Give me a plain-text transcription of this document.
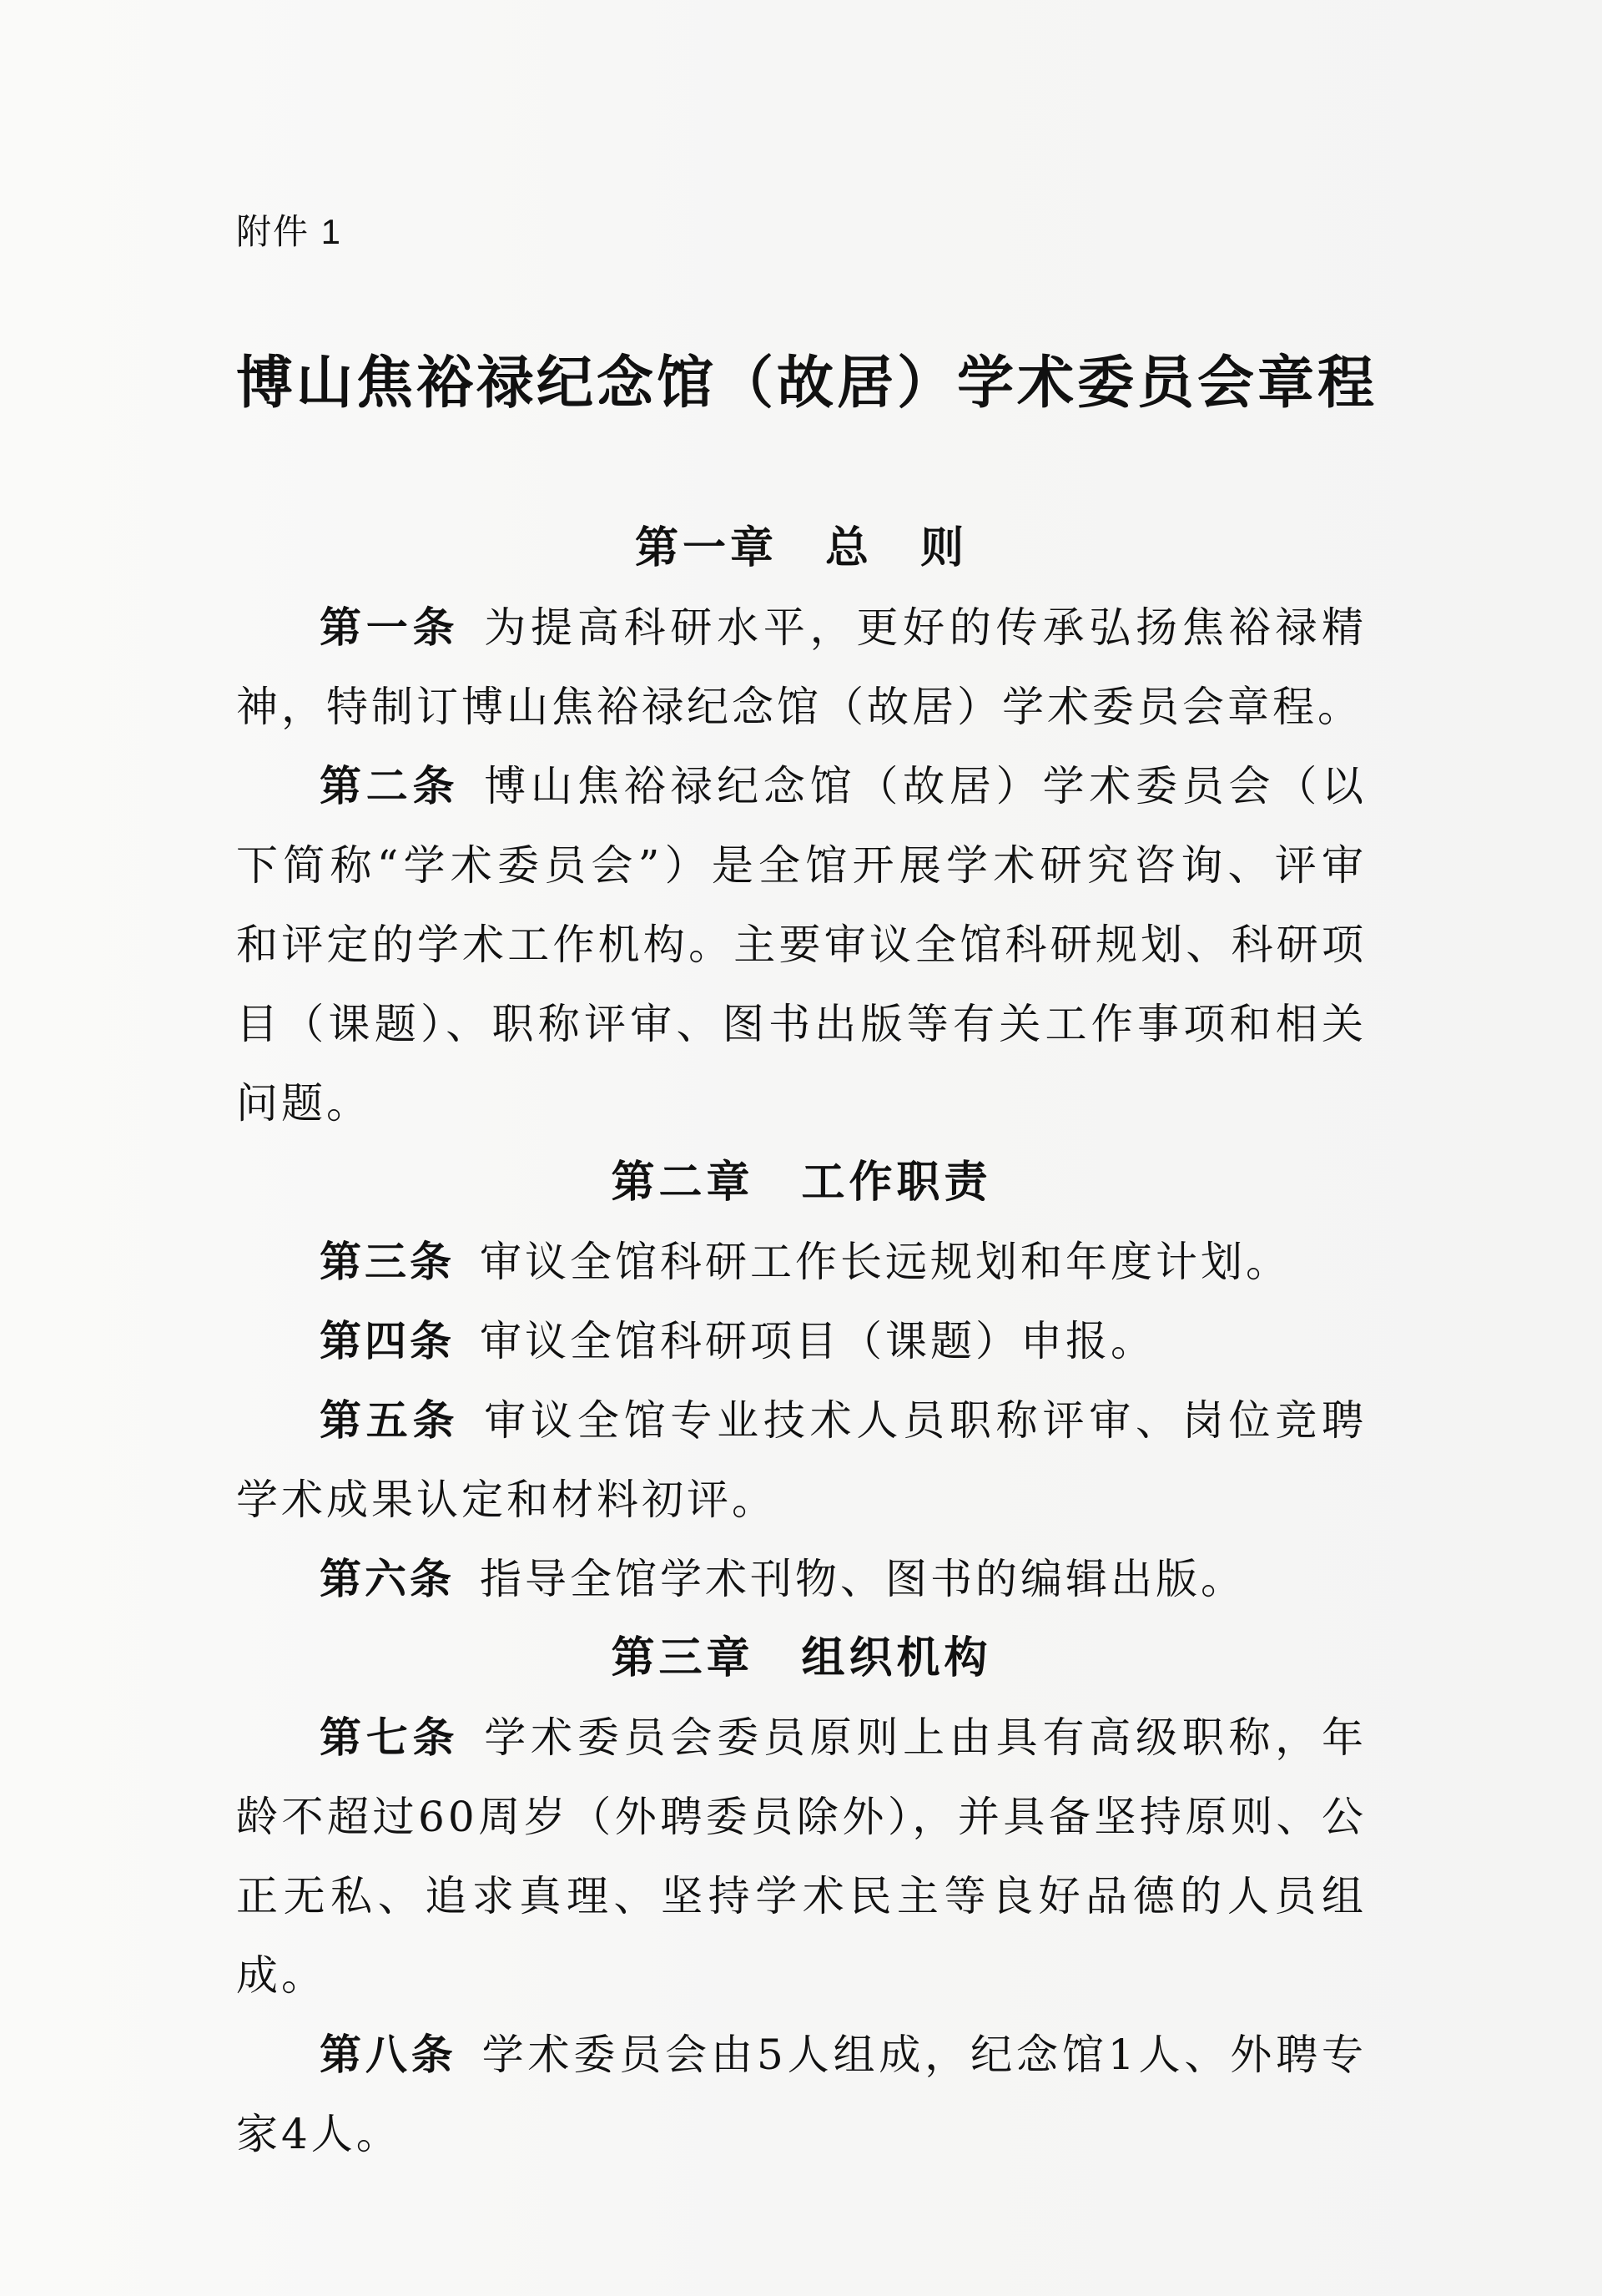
附件 1
博山焦裕禄纪念馆（故居）学术委员会章程
第一章　总　则

第一条 为提高科研水平，更好的传承弘扬焦裕禄精神，特制订博山焦裕禄纪念馆（故居）学术委员会章程。

第二条 博山焦裕禄纪念馆（故居）学术委员会（以下简称“学术委员会”）是全馆开展学术研究咨询、评审和评定的学术工作机构。主要审议全馆科研规划、科研项目（课题）、职称评审、图书出版等有关工作事项和相关问题。

第二章　工作职责

第三条 审议全馆科研工作长远规划和年度计划。

第四条 审议全馆科研项目（课题）申报。

第五条 审议全馆专业技术人员职称评审、岗位竞聘学术成果认定和材料初评。

第六条 指导全馆学术刊物、图书的编辑出版。

第三章　组织机构

第七条 学术委员会委员原则上由具有高级职称，年龄不超过60周岁（外聘委员除外），并具备坚持原则、公正无私、追求真理、坚持学术民主等良好品德的人员组成。

第八条 学术委员会由5人组成，纪念馆1人、外聘专家4人。
